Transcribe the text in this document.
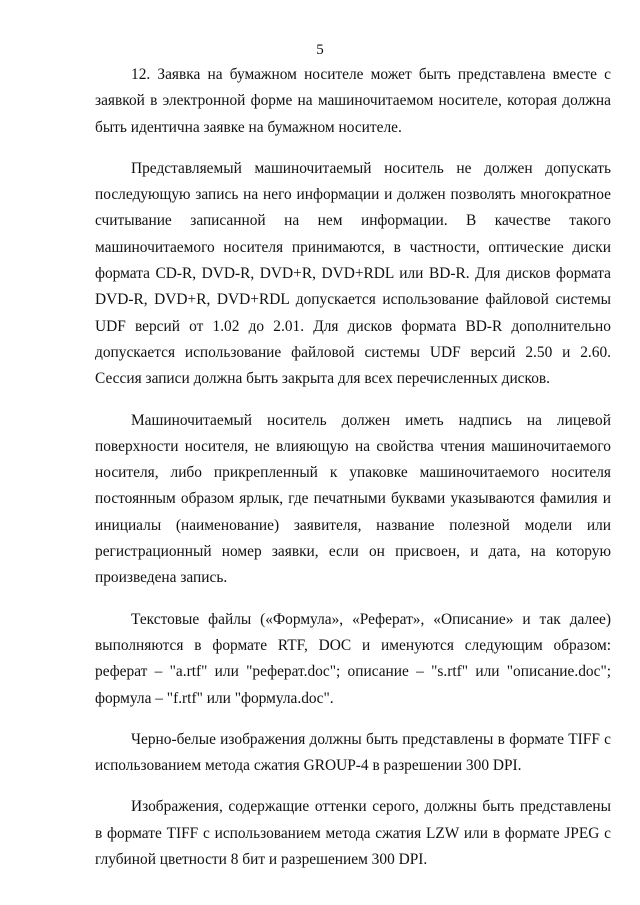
5

12. Заявка на бумажном носителе может быть представлена вместе с заявкой в электронной форме на машиночитаемом носителе, которая должна быть идентична заявке на бумажном носителе.

Представляемый машиночитаемый носитель не должен допускать последующую запись на него информации и должен позволять многократное считывание записанной на нем информации. В качестве такого машиночитаемого носителя принимаются, в частности, оптические диски формата CD-R, DVD-R, DVD+R, DVD+RDL или BD-R. Для дисков формата DVD-R, DVD+R, DVD+RDL допускается использование файловой системы UDF версий от 1.02 до 2.01. Для дисков формата BD-R дополнительно допускается использование файловой системы UDF версий 2.50 и 2.60. Сессия записи должна быть закрыта для всех перечисленных дисков.

Машиночитаемый носитель должен иметь надпись на лицевой поверхности носителя, не влияющую на свойства чтения машиночитаемого носителя, либо прикрепленный к упаковке машиночитаемого носителя постоянным образом ярлык, где печатными буквами указываются фамилия и инициалы (наименование) заявителя, название полезной модели или регистрационный номер заявки, если он присвоен, и дата, на которую произведена запись.

Текстовые файлы («Формула», «Реферат», «Описание» и так далее) выполняются в формате RTF, DOC и именуются следующим образом: реферат – "a.rtf" или "реферат.doc"; описание – "s.rtf" или "описание.doc"; формула – "f.rtf" или "формула.doc".

Черно-белые изображения должны быть представлены в формате TIFF с использованием метода сжатия GROUP-4 в разрешении 300 DPI.

Изображения, содержащие оттенки серого, должны быть представлены в формате TIFF с использованием метода сжатия LZW или в формате JPEG с глубиной цветности 8 бит и разрешением 300 DPI.
